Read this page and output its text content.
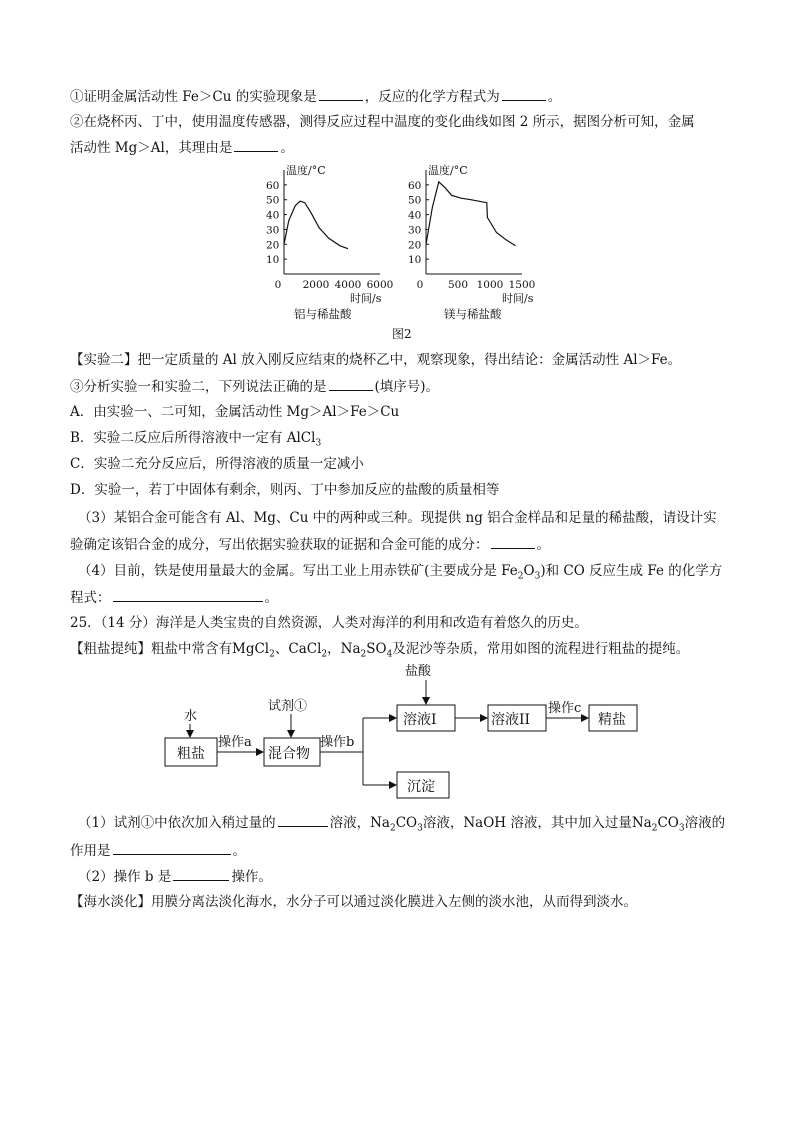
①证明金属活动性 Fe＞Cu 的实验现象是	，反应的化学方程式为	。
②在烧杯丙、丁中，使用温度传感器，测得反应过程中温度的变化曲线如图 2 所示，据图分析可知，金属
活动性 Mg＞Al，其理由是	。
温度/°C
60
50
40
30
20
10
0 2000 4000 6000
时间/s
铝与稀盐酸
温度/°C
60
50
40
30
20
10
0 500 1000 1500
时间/s
镁与稀盐酸
图2
【实验二】把一定质量的 Al 放入刚反应结束的烧杯乙中，观察现象，得出结论：金属活动性 Al＞Fe。
③分析实验一和实验二，下列说法正确的是	(填序号)。
A．由实验一、二可知，金属活动性 Mg＞Al＞Fe＞Cu
B．实验二反应后所得溶液中一定有 AlCl$_3$
C．实验二充分反应后，所得溶液的质量一定减小
D．实验一，若丁中固体有剩余，则丙、丁中参加反应的盐酸的质量相等
（3）某铝合金可能含有 Al、Mg、Cu 中的两种或三种。现提供 ng 铝合金样品和足量的稀盐酸，请设计实
验确定该铝合金的成分，写出依据实验获取的证据和合金可能的成分：	。
（4）目前，铁是使用量最大的金属。写出工业上用赤铁矿(主要成分是 $Fe_2O_3$)和 CO 反应生成 Fe 的化学方
程式：	。
25．（14 分）海洋是人类宝贵的自然资源，人类对海洋的利用和改造有着悠久的历史。
【粗盐提纯】粗盐中常含有MgCl$_2$、CaCl$_2$，$Na_2SO_4$及泥沙等杂质，常用如图的流程进行粗盐的提纯。
粗盐	混合物
溶液I	溶液II	精盐
沉淀
水
试剂①
盐酸
操作a	操作b
操作c
（1）试剂①中依次加入稍过量的	溶液，$Na_2CO_3$溶液，NaOH 溶液，其中加入过量$Na_2CO_3$溶液的
作用是	。
（2）操作 b 是	操作。
【海水淡化】用膜分离法淡化海水，水分子可以通过淡化膜进入左侧的淡水池，从而得到淡水。
